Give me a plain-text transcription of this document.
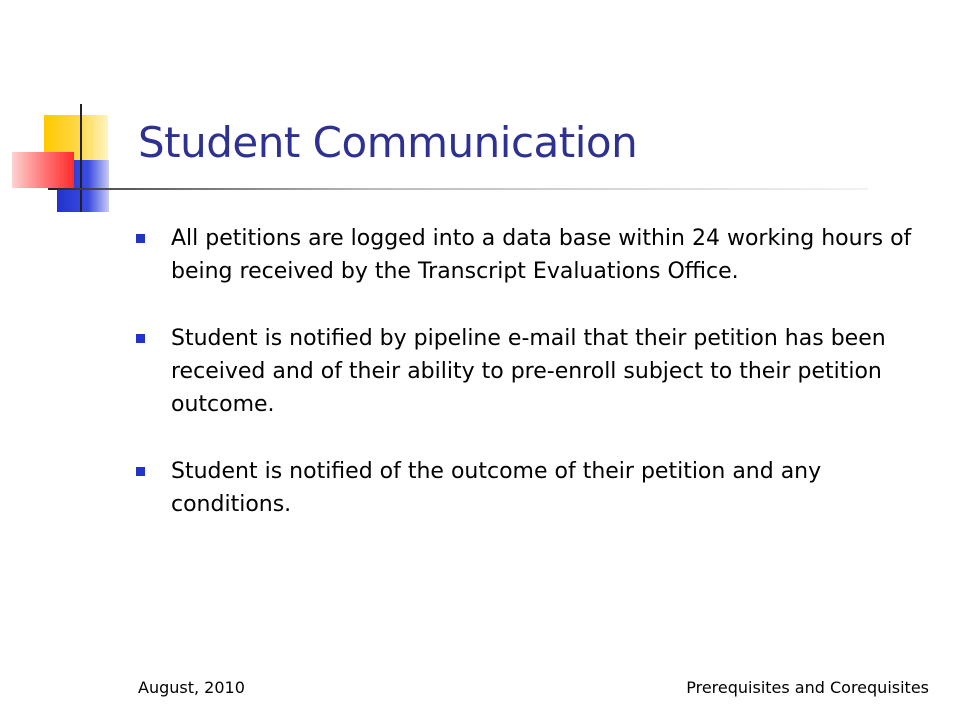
Student Communication
All petitions are logged into a data base within 24 working hours of being received by the Transcript Evaluations Office.
Student is notified by pipeline e-mail that their petition has been received and of their ability to pre-enroll subject to their petition outcome.
Student is notified of the outcome of their petition and any conditions.
August, 2010	Prerequisites and Corequisites
